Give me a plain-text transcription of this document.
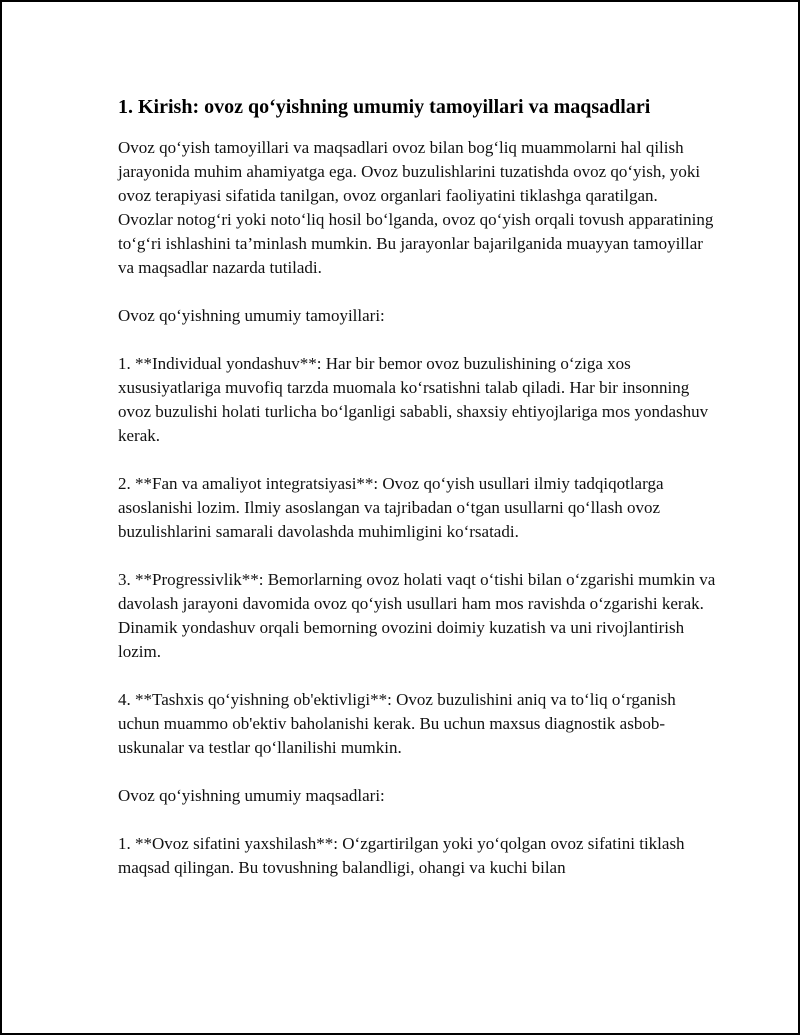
1. Kirish: ovoz qo‘yishning umumiy tamoyillari va maqsadlari

Ovoz qo‘yish tamoyillari va maqsadlari ovoz bilan bog‘liq muammolarni hal qilish jarayonida muhim ahamiyatga ega. Ovoz buzulishlarini tuzatishda ovoz qo‘yish, yoki ovoz terapiyasi sifatida tanilgan, ovoz organlari faoliyatini tiklashga qaratilgan. Ovozlar notog‘ri yoki noto‘liq hosil bo‘lganda, ovoz qo‘yish orqali tovush apparatining to‘g‘ri ishlashini ta’minlash mumkin. Bu jarayonlar bajarilganida muayyan tamoyillar va maqsadlar nazarda tutiladi.

Ovoz qo‘yishning umumiy tamoyillari:

1. **Individual yondashuv**: Har bir bemor ovoz buzulishining o‘ziga xos xususiyatlariga muvofiq tarzda muomala ko‘rsatishni talab qiladi. Har bir insonning ovoz buzulishi holati turlicha bo‘lganligi sababli, shaxsiy ehtiyojlariga mos yondashuv kerak.

2. **Fan va amaliyot integratsiyasi**: Ovoz qo‘yish usullari ilmiy tadqiqotlarga asoslanishi lozim. Ilmiy asoslangan va tajribadan o‘tgan usullarni qo‘llash ovoz buzulishlarini samarali davolashda muhimligini ko‘rsatadi.

3. **Progressivlik**: Bemorlarning ovoz holati vaqt o‘tishi bilan o‘zgarishi mumkin va davolash jarayoni davomida ovoz qo‘yish usullari ham mos ravishda o‘zgarishi kerak. Dinamik yondashuv orqali bemorning ovozini doimiy kuzatish va uni rivojlantirish lozim.

4. **Tashxis qo‘yishning ob'ektivligi**: Ovoz buzulishini aniq va to‘liq o‘rganish uchun muammo ob'ektiv baholanishi kerak. Bu uchun maxsus diagnostik asbob-uskunalar va testlar qo‘llanilishi mumkin.

Ovoz qo‘yishning umumiy maqsadlari:

1. **Ovoz sifatini yaxshilash**: O‘zgartirilgan yoki yo‘qolgan ovoz sifatini tiklash maqsad qilingan. Bu tovushning balandligi, ohangi va kuchi bilan
